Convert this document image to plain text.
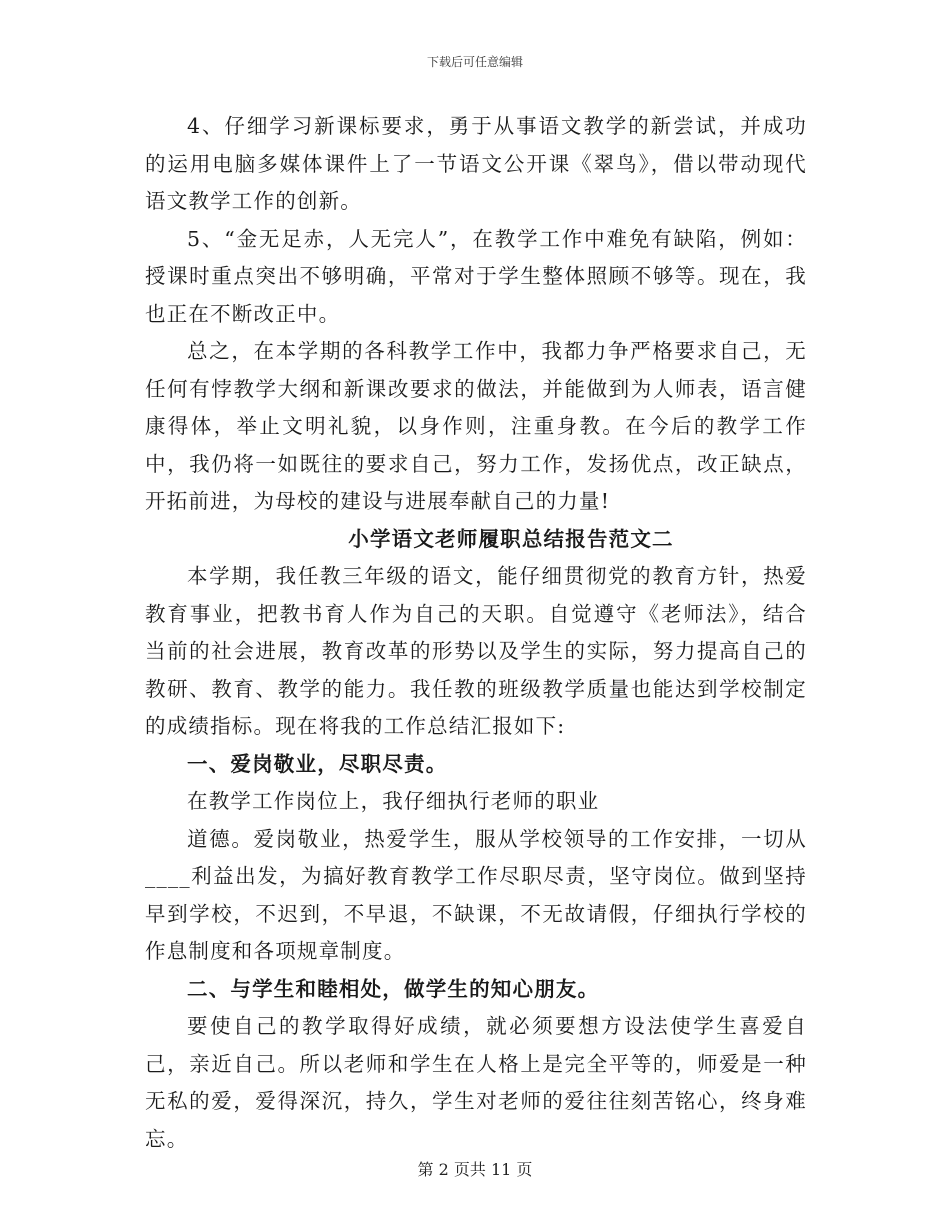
下载后可任意编辑

4、仔细学习新课标要求，勇于从事语文教学的新尝试，并成功的运用电脑多媒体课件上了一节语文公开课《翠鸟》，借以带动现代语文教学工作的创新。

5、“金无足赤，人无完人”，在教学工作中难免有缺陷，例如：授课时重点突出不够明确，平常对于学生整体照顾不够等。现在，我也正在不断改正中。

总之，在本学期的各科教学工作中，我都力争严格要求自己，无任何有悖教学大纲和新课改要求的做法，并能做到为人师表，语言健康得体，举止文明礼貌，以身作则，注重身教。在今后的教学工作中，我仍将一如既往的要求自己，努力工作，发扬优点，改正缺点，开拓前进，为母校的建设与进展奉献自己的力量!

小学语文老师履职总结报告范文二

本学期，我任教三年级的语文，能仔细贯彻党的教育方针，热爱教育事业，把教书育人作为自己的天职。自觉遵守《老师法》，结合当前的社会进展，教育改革的形势以及学生的实际，努力提高自己的教研、教育、教学的能力。我任教的班级教学质量也能达到学校制定的成绩指标。现在将我的工作总结汇报如下:

一、爱岗敬业，尽职尽责。

在教学工作岗位上，我仔细执行老师的职业

道德。爱岗敬业，热爱学生，服从学校领导的工作安排，一切从____利益出发，为搞好教育教学工作尽职尽责，坚守岗位。做到坚持早到学校，不迟到，不早退，不缺课，不无故请假，仔细执行学校的作息制度和各项规章制度。

二、与学生和睦相处，做学生的知心朋友。

要使自己的教学取得好成绩，就必须要想方设法使学生喜爱自己，亲近自己。所以老师和学生在人格上是完全平等的，师爱是一种无私的爱，爱得深沉，持久，学生对老师的爱往往刻苦铭心，终身难忘。

第 2 页共 11 页
